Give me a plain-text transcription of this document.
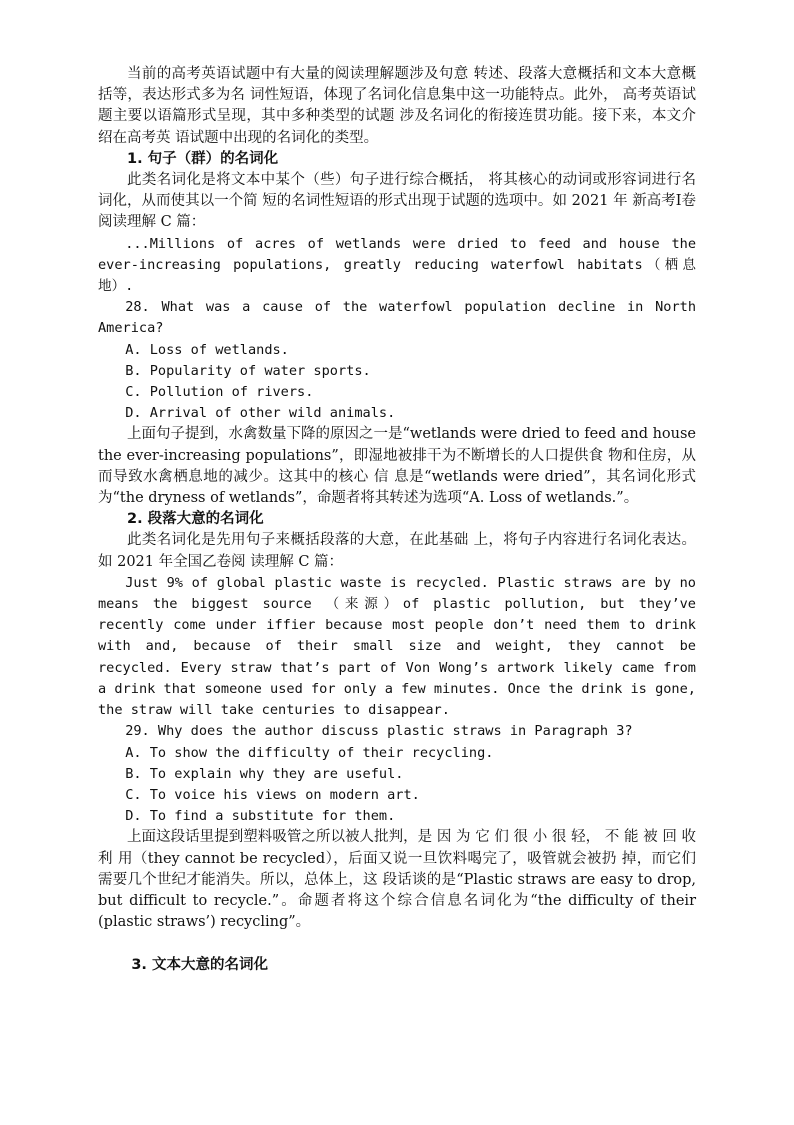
当前的高考英语试题中有大量的阅读理解题涉及句意 转述、段落大意概括和文本大意概括等，表达形式多为名 词性短语，体现了名词化信息集中这一功能特点。此外， 高考英语试题主要以语篇形式呈现，其中多种类型的试题 涉及名词化的衔接连贯功能。接下来，本文介绍在高考英 语试题中出现的名词化的类型。

1. 句子（群）的名词化

此类名词化是将文本中某个（些）句子进行综合概括， 将其核心的动词或形容词进行名词化，从而使其以一个简 短的名词性短语的形式出现于试题的选项中。如 2021 年 新高考Ⅰ卷阅读理解 C 篇：

...Millions of acres of wetlands were dried to feed and house the ever-increasing populations, greatly reducing waterfowl habitats（栖息地）.

28. What was a cause of the waterfowl population decline in North America?

A. Loss of wetlands.

B. Popularity of water sports.

C. Pollution of rivers.

D. Arrival of other wild animals.

上面句子提到，水禽数量下降的原因之一是“wetlands were dried to feed and house the ever-increasing populations”，即湿地被排干为不断增长的人口提供食 物和住房，从而导致水禽栖息地的减少。这其中的核心 信 息是“wetlands were dried”，其名词化形式为“the dryness of wetlands”，命题者将其转述为选项“A. Loss of wetlands.”。

2. 段落大意的名词化

此类名词化是先用句子来概括段落的大意，在此基础 上，将句子内容进行名词化表达。如 2021 年全国乙卷阅 读理解 C 篇：

Just 9% of global plastic waste is recycled. Plastic straws are by no means the biggest source （来源）of plastic pollution, but they’ve recently come under iffier because most people don’t need them to drink with and, because of their small size and weight, they cannot be recycled. Every straw that’s part of Von Wong’s artwork likely came from a drink that someone used for only a few minutes. Once the drink is gone, the straw will take centuries to disappear.

29. Why does the author discuss plastic straws in Paragraph 3?

A. To show the difficulty of their recycling.

B. To explain why they are useful.

C. To voice his views on modern art.

D. To find a substitute for them.

上面这段话里提到塑料吸管之所以被人批判，是 因 为 它 们 很 小 很 轻， 不 能 被 回 收 利 用（they cannot be recycled），后面又说一旦饮料喝完了，吸管就会被扔 掉，而它们需要几个世纪才能消失。所以，总体上，这 段话谈的是“Plastic straws are easy to drop, but difficult to recycle.”。命题者将这个综合信息名词化为“the difficulty of their (plastic straws’) recycling”。

3. 文本大意的名词化
